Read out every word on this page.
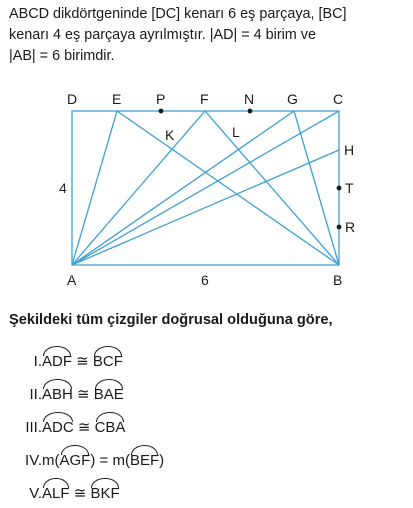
ABCD dikdörtgeninde [DC] kenarı 6 eş parçaya, [BC]
kenarı 4 eş parçaya ayrılmıştır. |AD| = 4 birim ve
|AB| = 6 birimdir.
D E P F	N G	C
K	L
H
T
R
A	B
4
6
Şekildeki tüm çizgiler doğrusal olduğuna göre,
I. ADF ≅ BCF
II. ABH ≅ BAE
III. ADC ≅ CBA
IV. m(AGF) = m(BEF)
V. ALF ≅ BKF
